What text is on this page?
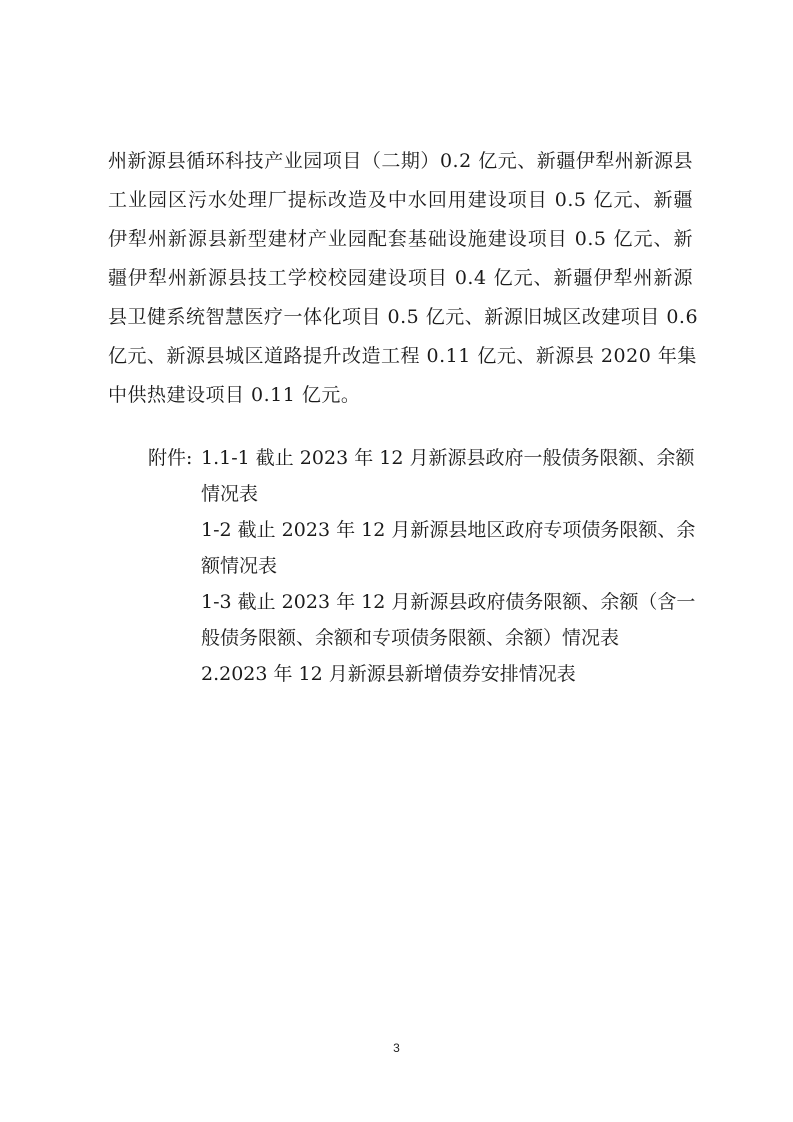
州新源县循环科技产业园项目（二期）0.2 亿元、新疆伊犁州新源县
工业园区污水处理厂提标改造及中水回用建设项目 0.5 亿元、新疆
伊犁州新源县新型建材产业园配套基础设施建设项目 0.5 亿元、新
疆伊犁州新源县技工学校校园建设项目 0.4 亿元、新疆伊犁州新源
县卫健系统智慧医疗一体化项目 0.5 亿元、新源旧城区改建项目 0.6
亿元、新源县城区道路提升改造工程 0.11 亿元、新源县 2020 年集
中供热建设项目 0.11 亿元。
附件: 1.1-1 截止 2023 年 12 月新源县政府一般债务限额、余额
情况表
1-2 截止 2023 年 12 月新源县地区政府专项债务限额、余
额情况表
1-3 截止 2023 年 12 月新源县政府债务限额、余额（含一
般债务限额、余额和专项债务限额、余额）情况表
2.2023 年 12 月新源县新增债券安排情况表
3
